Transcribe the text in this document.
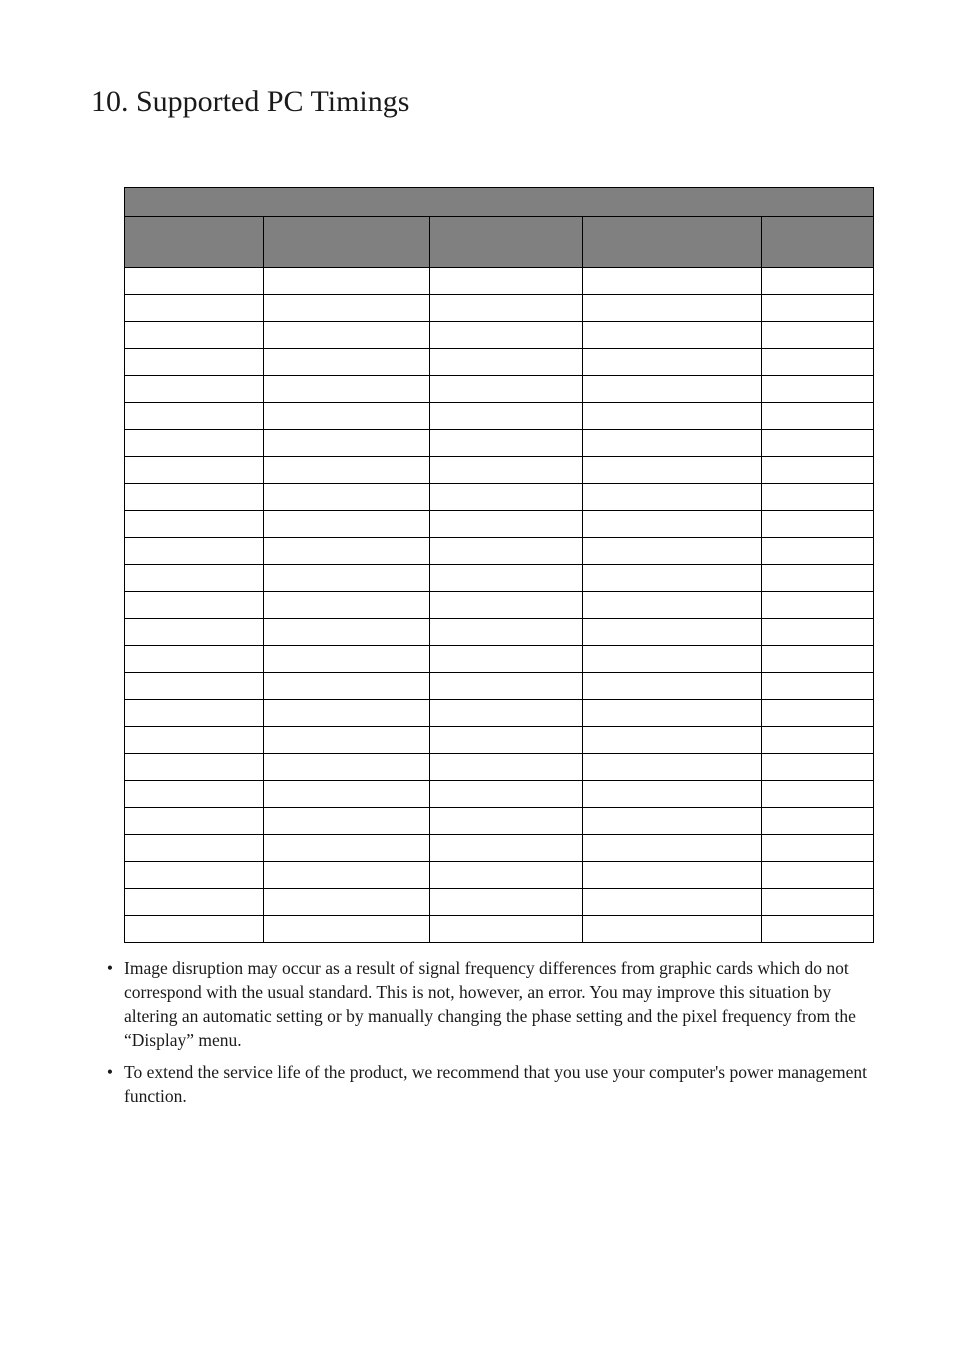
10. Supported PC Timings

• Image disruption may occur as a result of signal frequency differences from graphic cards which do not correspond with the usual standard. This is not, however, an error. You may improve this situation by altering an automatic setting or by manually changing the phase setting and the pixel frequency from the “Display” menu.
• To extend the service life of the product, we recommend that you use your computer's power management function.
